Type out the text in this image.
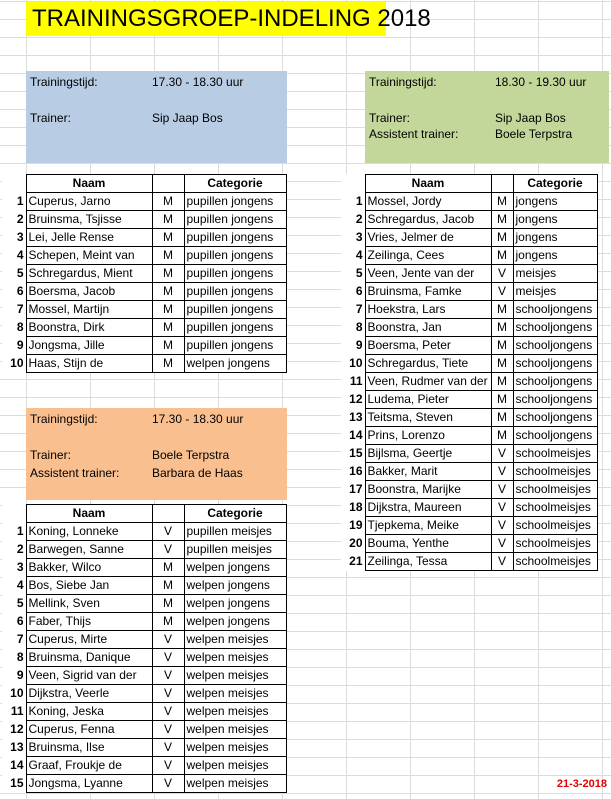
TRAININGSGROEP-INDELING 2018
Trainingstijd:	17.30 - 18.30 uur
Trainer:	Sip Jaap Bos
Trainingstijd:	18.30 - 19.30 uur
Trainer:	Sip Jaap Bos
Assistent trainer:	Boele Terpstra
Trainingstijd:	17.30 - 18.30 uur
Trainer:	Boele Terpstra
Assistent trainer:	Barbara de Haas
	Naam		Categorie
1	Cuperus, Jarno	M	pupillen jongens
2	Bruinsma, Tsjisse	M	pupillen jongens
3	Lei, Jelle Rense	M	pupillen jongens
4	Schepen, Meint van	M	pupillen jongens
5	Schregardus, Mient	M	pupillen jongens
6	Boersma, Jacob	M	pupillen jongens
7	Mossel, Martijn	M	pupillen jongens
8	Boonstra, Dirk	M	pupillen jongens
9	Jongsma, Jille	M	pupillen jongens
10	Haas, Stijn de	M	welpen jongens
	Naam		Categorie
1	Mossel, Jordy	M	jongens
2	Schregardus, Jacob	M	jongens
3	Vries, Jelmer de	M	jongens
4	Zeilinga, Cees	M	jongens
5	Veen, Jente van der	V	meisjes
6	Bruinsma, Famke	V	meisjes
7	Hoekstra, Lars	M	schooljongens
8	Boonstra, Jan	M	schooljongens
9	Boersma, Peter	M	schooljongens
10	Schregardus, Tiete	M	schooljongens
11	Veen, Rudmer van der	M	schooljongens
12	Ludema, Pieter	M	schooljongens
13	Teitsma, Steven	M	schooljongens
14	Prins, Lorenzo	M	schooljongens
15	Bijlsma, Geertje	V	schoolmeisjes
16	Bakker, Marit	V	schoolmeisjes
17	Boonstra, Marijke	V	schoolmeisjes
18	Dijkstra, Maureen	V	schoolmeisjes
19	Tjepkema, Meike	V	schoolmeisjes
20	Bouma, Yenthe	V	schoolmeisjes
21	Zeilinga, Tessa	V	schoolmeisjes
	Naam		Categorie
1	Koning, Lonneke	V	pupillen meisjes
2	Barwegen, Sanne	V	pupillen meisjes
3	Bakker, Wilco	M	welpen jongens
4	Bos, Siebe Jan	M	welpen jongens
5	Mellink, Sven	M	welpen jongens
6	Faber, Thijs	M	welpen jongens
7	Cuperus, Mirte	V	welpen meisjes
8	Bruinsma, Danique	V	welpen meisjes
9	Veen, Sigrid van der	V	welpen meisjes
10	Dijkstra, Veerle	V	welpen meisjes
11	Koning, Jeska	V	welpen meisjes
12	Cuperus, Fenna	V	welpen meisjes
13	Bruinsma, Ilse	V	welpen meisjes
14	Graaf, Froukje de	V	welpen meisjes
15	Jongsma, Lyanne	V	welpen meisjes	21-3-2018
